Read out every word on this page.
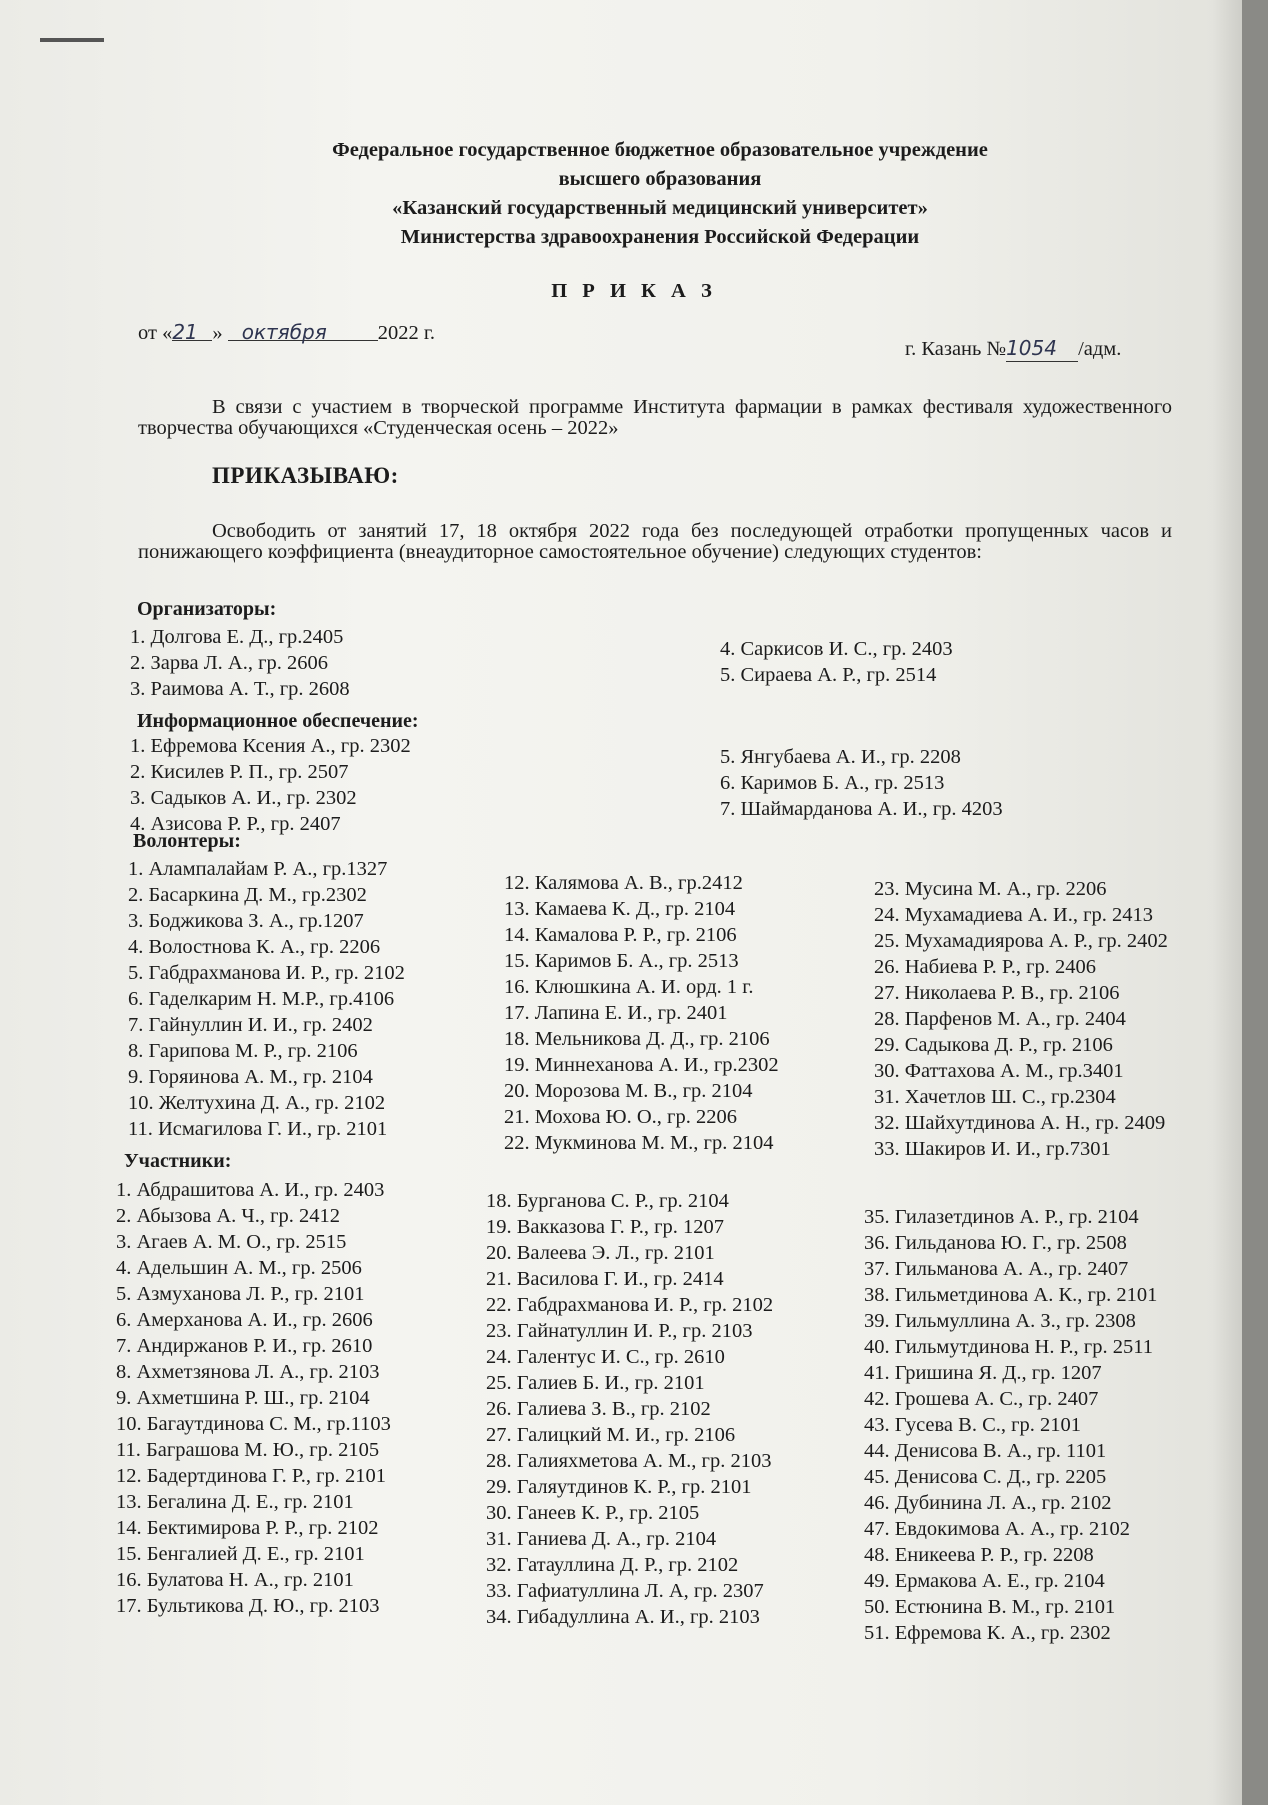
Федеральное государственное бюджетное образовательное учреждение
высшего образования
«Казанский государственный медицинский университет»
Министерства здравоохранения Российской Федерации
П Р И К А З
от «21 » октября 2022 г.
г. Казань №1054 /адм.
В связи с участием в творческой программе Института фармации в рамках фестиваля художественного творчества обучающихся «Студенческая осень – 2022»
ПРИКАЗЫВАЮ:
Освободить от занятий 17, 18 октября 2022 года без последующей отработки пропущенных часов и понижающего коэффициента (внеаудиторное самостоятельное обучение) следующих студентов:
Организаторы:
1. Долгова Е. Д., гр.2405
2. Зарва Л. А., гр. 2606
3. Раимова А. Т., гр. 2608
4. Саркисов И. С., гр. 2403
5. Сираева А. Р., гр. 2514
Информационное обеспечение:
1. Ефремова Ксения А., гр. 2302
2. Кисилев Р. П., гр. 2507
3. Садыков А. И., гр. 2302
4. Азисова Р. Р., гр. 2407
5. Янгубаева А. И., гр. 2208
6. Каримов Б. А., гр. 2513
7. Шаймарданова А. И., гр. 4203
Волонтеры:
1. Алампалайам Р. А., гр.1327
2. Басаркина Д. М., гр.2302
3. Боджикова З. А., гр.1207
4. Волостнова К. А., гр. 2206
5. Габдрахманова И. Р., гр. 2102
6. Гаделкарим Н. М.Р., гр.4106
7. Гайнуллин И. И., гр. 2402
8. Гарипова М. Р., гр. 2106
9. Горяинова А. М., гр. 2104
10. Желтухина Д. А., гр. 2102
11. Исмагилова Г. И., гр. 2101
12. Калямова А. В., гр.2412
13. Камаева К. Д., гр. 2104
14. Камалова Р. Р., гр. 2106
15. Каримов Б. А., гр. 2513
16. Клюшкина А. И. орд. 1 г.
17. Лапина Е. И., гр. 2401
18. Мельникова Д. Д., гр. 2106
19. Миннеханова А. И., гр.2302
20. Морозова М. В., гр. 2104
21. Мохова Ю. О., гр. 2206
22. Мукминова М. М., гр. 2104
23. Мусина М. А., гр. 2206
24. Мухамадиева А. И., гр. 2413
25. Мухамадиярова А. Р., гр. 2402
26. Набиева Р. Р., гр. 2406
27. Николаева Р. В., гр. 2106
28. Парфенов М. А., гр. 2404
29. Садыкова Д. Р., гр. 2106
30. Фаттахова А. М., гр.3401
31. Хачетлов Ш. С., гр.2304
32. Шайхутдинова А. Н., гр. 2409
33. Шакиров И. И., гр.7301
Участники:
1. Абдрашитова А. И., гр. 2403
2. Абызова А. Ч., гр. 2412
3. Агаев А. М. О., гр. 2515
4. Адельшин А. М., гр. 2506
5. Азмуханова Л. Р., гр. 2101
6. Амерханова А. И., гр. 2606
7. Андиржанов Р. И., гр. 2610
8. Ахметзянова Л. А., гр. 2103
9. Ахметшина Р. Ш., гр. 2104
10. Багаутдинова С. М., гр.1103
11. Баграшова М. Ю., гр. 2105
12. Бадертдинова Г. Р., гр. 2101
13. Бегалина Д. Е., гр. 2101
14. Бектимирова Р. Р., гр. 2102
15. Бенгалией Д. Е., гр. 2101
16. Булатова Н. А., гр. 2101
17. Бультикова Д. Ю., гр. 2103
18. Бурганова С. Р., гр. 2104
19. Вакказова Г. Р., гр. 1207
20. Валеева Э. Л., гр. 2101
21. Василова Г. И., гр. 2414
22. Габдрахманова И. Р., гр. 2102
23. Гайнатуллин И. Р., гр. 2103
24. Галентус И. С., гр. 2610
25. Галиев Б. И., гр. 2101
26. Галиева З. В., гр. 2102
27. Галицкий М. И., гр. 2106
28. Галияхметова А. М., гр. 2103
29. Галяутдинов К. Р., гр. 2101
30. Ганеев К. Р., гр. 2105
31. Ганиева Д. А., гр. 2104
32. Гатауллина Д. Р., гр. 2102
33. Гафиатуллина Л. А, гр. 2307
34. Гибадуллина А. И., гр. 2103
35. Гилазетдинов А. Р., гр. 2104
36. Гильданова Ю. Г., гр. 2508
37. Гильманова А. А., гр. 2407
38. Гильметдинова А. К., гр. 2101
39. Гильмуллина А. З., гр. 2308
40. Гильмутдинова Н. Р., гр. 2511
41. Гришина Я. Д., гр. 1207
42. Грошева А. С., гр. 2407
43. Гусева В. С., гр. 2101
44. Денисова В. А., гр. 1101
45. Денисова С. Д., гр. 2205
46. Дубинина Л. А., гр. 2102
47. Евдокимова А. А., гр. 2102
48. Еникеева Р. Р., гр. 2208
49. Ермакова А. Е., гр. 2104
50. Естюнина В. М., гр. 2101
51. Ефремова К. А., гр. 2302
